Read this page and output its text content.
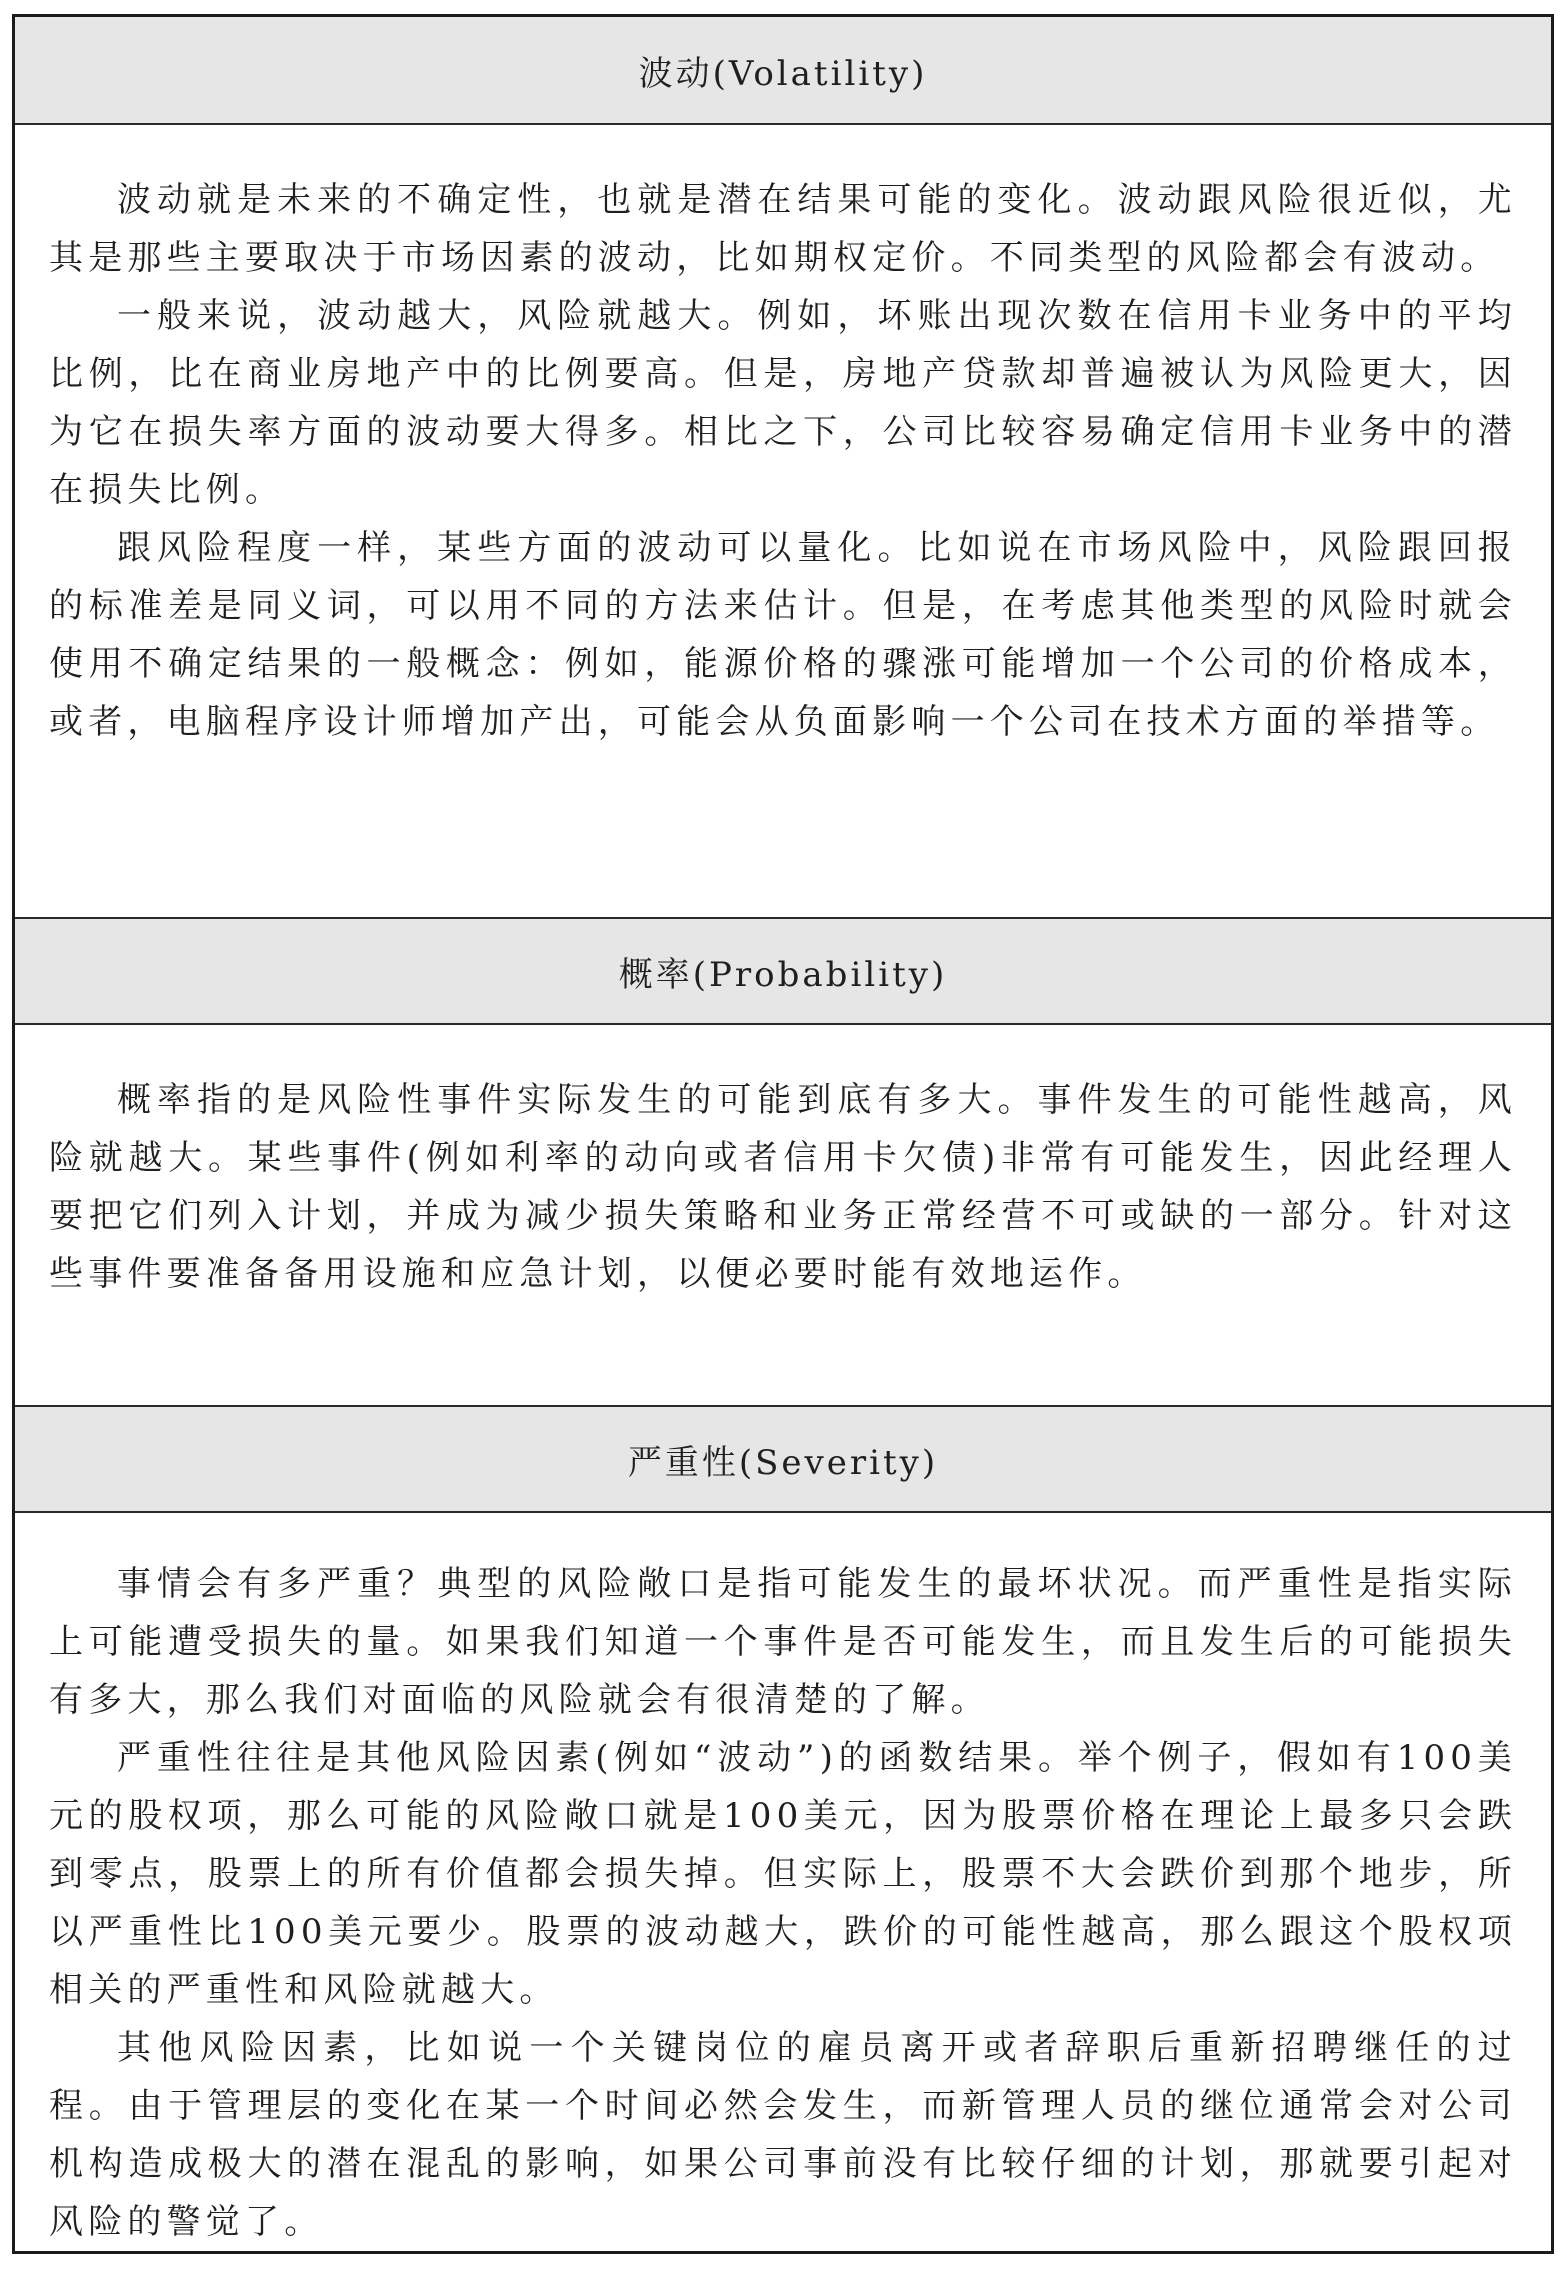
波动(Volatility)

波动就是未来的不确定性，也就是潜在结果可能的变化。波动跟风险很近似，尤其是那些主要取决于市场因素的波动，比如期权定价。不同类型的风险都会有波动。

一般来说，波动越大，风险就越大。例如，坏账出现次数在信用卡业务中的平均比例，比在商业房地产中的比例要高。但是，房地产贷款却普遍被认为风险更大，因为它在损失率方面的波动要大得多。相比之下，公司比较容易确定信用卡业务中的潜在损失比例。

跟风险程度一样，某些方面的波动可以量化。比如说在市场风险中，风险跟回报的标准差是同义词，可以用不同的方法来估计。但是，在考虑其他类型的风险时就会使用不确定结果的一般概念：例如，能源价格的骤涨可能增加一个公司的价格成本，或者，电脑程序设计师增加产出，可能会从负面影响一个公司在技术方面的举措等。

概率(Probability)

概率指的是风险性事件实际发生的可能到底有多大。事件发生的可能性越高，风险就越大。某些事件(例如利率的动向或者信用卡欠债)非常有可能发生，因此经理人要把它们列入计划，并成为减少损失策略和业务正常经营不可或缺的一部分。针对这些事件要准备备用设施和应急计划，以便必要时能有效地运作。

严重性(Severity)

事情会有多严重？典型的风险敞口是指可能发生的最坏状况。而严重性是指实际上可能遭受损失的量。如果我们知道一个事件是否可能发生，而且发生后的可能损失有多大，那么我们对面临的风险就会有很清楚的了解。

严重性往往是其他风险因素(例如“波动”)的函数结果。举个例子，假如有100美元的股权项，那么可能的风险敞口就是100美元，因为股票价格在理论上最多只会跌到零点，股票上的所有价值都会损失掉。但实际上，股票不大会跌价到那个地步，所以严重性比100美元要少。股票的波动越大，跌价的可能性越高，那么跟这个股权项相关的严重性和风险就越大。

其他风险因素，比如说一个关键岗位的雇员离开或者辞职后重新招聘继任的过程。由于管理层的变化在某一个时间必然会发生，而新管理人员的继位通常会对公司机构造成极大的潜在混乱的影响，如果公司事前没有比较仔细的计划，那就要引起对风险的警觉了。
